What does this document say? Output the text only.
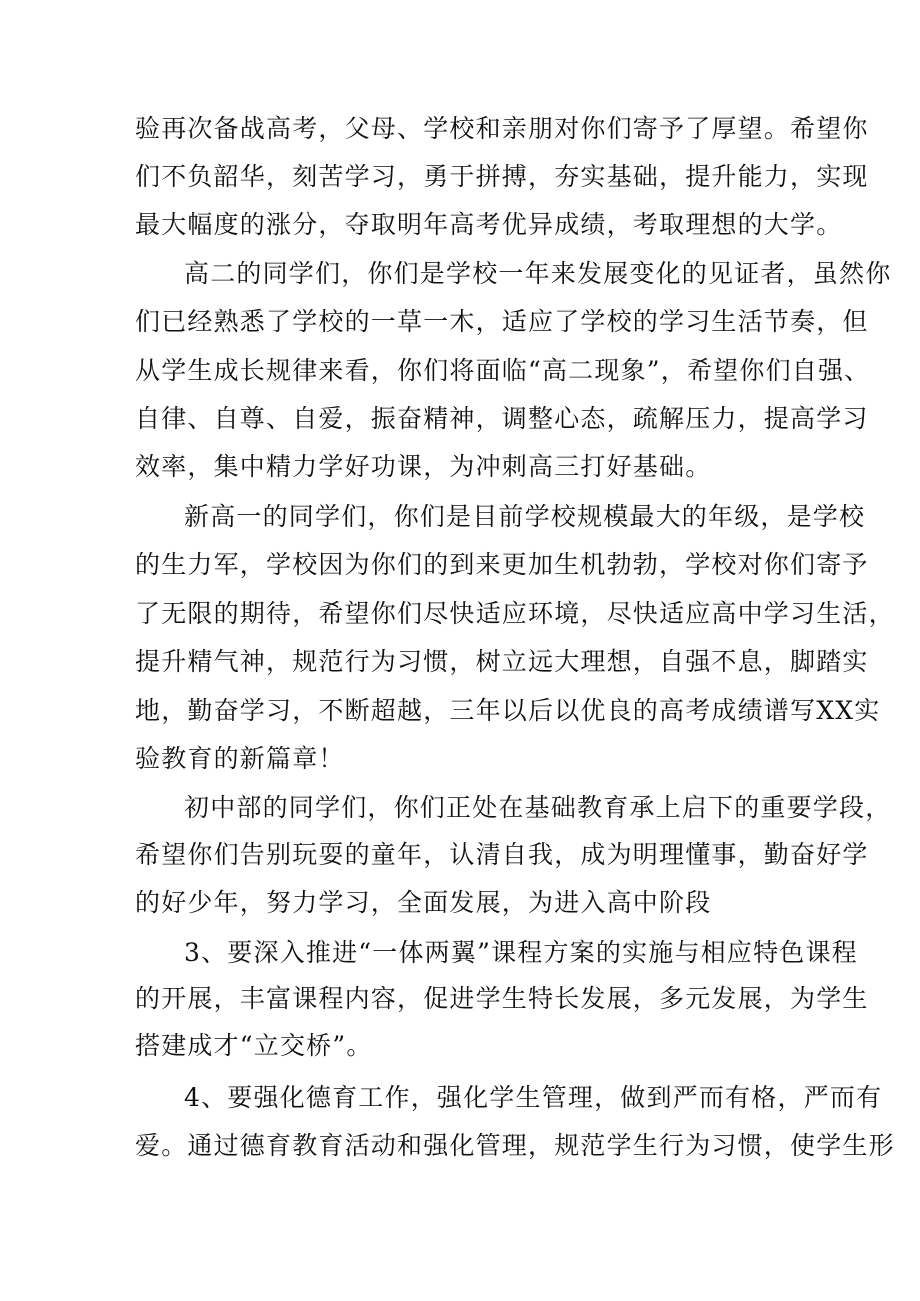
验再次备战高考，父母、学校和亲朋对你们寄予了厚望。希望你
们不负韶华，刻苦学习，勇于拼搏，夯实基础，提升能力，实现
最大幅度的涨分，夺取明年高考优异成绩，考取理想的大学。
高二的同学们，你们是学校一年来发展变化的见证者，虽然你
们已经熟悉了学校的一草一木，适应了学校的学习生活节奏，但
从学生成长规律来看，你们将面临“高二现象”，希望你们自强、
自律、自尊、自爱，振奋精神，调整心态，疏解压力，提高学习
效率，集中精力学好功课，为冲刺高三打好基础。
新高一的同学们，你们是目前学校规模最大的年级，是学校
的生力军，学校因为你们的到来更加生机勃勃，学校对你们寄予
了无限的期待，希望你们尽快适应环境，尽快适应高中学习生活，
提升精气神，规范行为习惯，树立远大理想，自强不息，脚踏实
地，勤奋学习，不断超越，三年以后以优良的高考成绩谱写XX实
验教育的新篇章！
初中部的同学们，你们正处在基础教育承上启下的重要学段，
希望你们告别玩耍的童年，认清自我，成为明理懂事，勤奋好学
的好少年，努力学习，全面发展，为进入高中阶段
3、要深入推进“一体两翼”课程方案的实施与相应特色课程
的开展，丰富课程内容，促进学生特长发展，多元发展，为学生
搭建成才“立交桥”。
4、要强化德育工作，强化学生管理，做到严而有格，严而有
爱。通过德育教育活动和强化管理，规范学生行为习惯，使学生形
